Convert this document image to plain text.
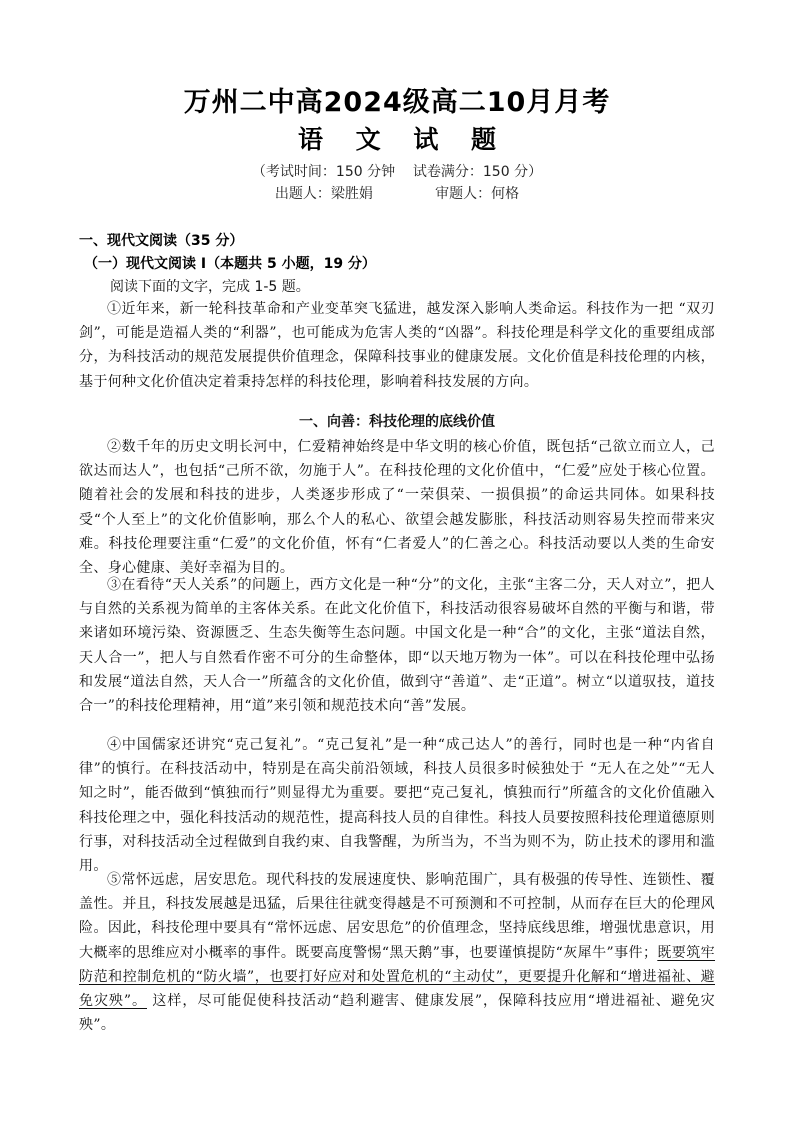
万州二中高2024级高二10月月考
语 文 试 题

（考试时间：150 分钟    试卷满分：150 分）

出题人：梁胜娟              审题人：何格

一、现代文阅读（35 分）

（一）现代文阅读 I（本题共 5 小题，19 分）

阅读下面的文字，完成 1-5 题。

①近年来，新一轮科技革命和产业变革突飞猛进，越发深入影响人类命运。科技作为一把 “双刃剑”，可能是造福人类的“利器”，也可能成为危害人类的“凶器”。科技伦理是科学文化的重要组成部分，为科技活动的规范发展提供价值理念，保障科技事业的健康发展。文化价值是科技伦理的内核，基于何种文化价值决定着秉持怎样的科技伦理，影响着科技发展的方向。

一、向善：科技伦理的底线价值

②数千年的历史文明长河中，仁爱精神始终是中华文明的核心价值，既包括“己欲立而立人，己欲达而达人”，也包括“己所不欲，勿施于人”。在科技伦理的文化价值中，“仁爱”应处于核心位置。随着社会的发展和科技的进步，人类逐步形成了“一荣俱荣、一损俱损”的命运共同体。如果科技受“个人至上”的文化价值影响，那么个人的私心、欲望会越发膨胀，科技活动则容易失控而带来灾难。科技伦理要注重“仁爱”的文化价值，怀有“仁者爱人”的仁善之心。科技活动要以人类的生命安全、身心健康、美好幸福为目的。

③在看待“天人关系”的问题上，西方文化是一种“分”的文化，主张“主客二分，天人对立”，把人与自然的关系视为简单的主客体关系。在此文化价值下，科技活动很容易破坏自然的平衡与和谐，带来诸如环境污染、资源匮乏、生态失衡等生态问题。中国文化是一种“合”的文化，主张“道法自然，天人合一”，把人与自然看作密不可分的生命整体，即“以天地万物为一体”。可以在科技伦理中弘扬和发展“道法自然，天人合一”所蕴含的文化价值，做到守“善道”、走“正道”。树立“以道驭技，道技合一”的科技伦理精神，用“道”来引领和规范技术向“善”发展。

④中国儒家还讲究“克己复礼”。“克己复礼”是一种“成己达人”的善行，同时也是一种“内省自律”的慎行。在科技活动中，特别是在高尖前沿领域，科技人员很多时候独处于 “无人在之处”“无人知之时”，能否做到“慎独而行”则显得尤为重要。要把“克己复礼，慎独而行”所蕴含的文化价值融入科技伦理之中，强化科技活动的规范性，提高科技人员的自律性。科技人员要按照科技伦理道德原则行事，对科技活动全过程做到自我约束、自我警醒，为所当为，不当为则不为，防止技术的谬用和滥用。

⑤常怀远虑，居安思危。现代科技的发展速度快、影响范围广，具有极强的传导性、连锁性、覆盖性。并且，科技发展越是迅猛，后果往往就变得越是不可预测和不可控制，从而存在巨大的伦理风险。因此，科技伦理中要具有“常怀远虑、居安思危”的价值理念，坚持底线思维，增强忧患意识，用大概率的思维应对小概率的事件。既要高度警惕“黑天鹅”事，也要谨慎提防“灰犀牛”事件；既要筑牢防范和控制危机的“防火墙”，也要打好应对和处置危机的“主动仗”，更要提升化解和“增进福祉、避免灾殃”。 这样，尽可能促使科技活动“趋利避害、健康发展”，保障科技应用“增进福祉、避免灾殃”。
